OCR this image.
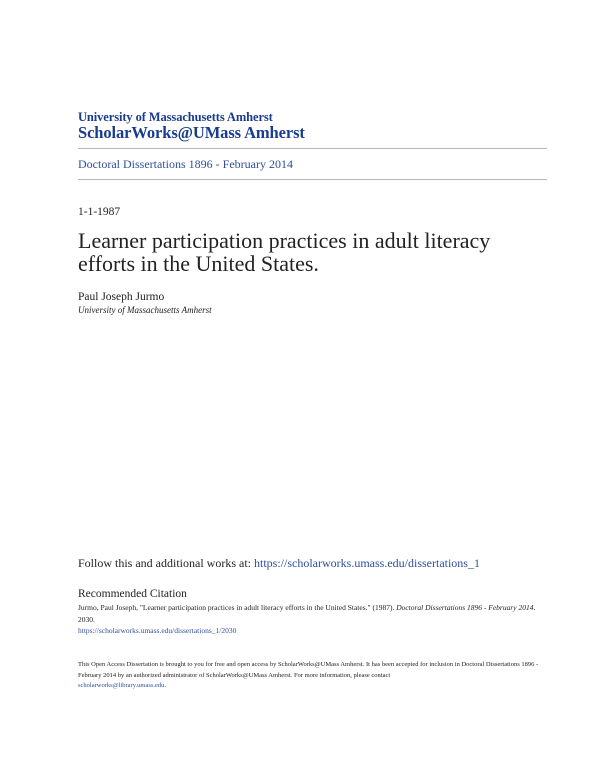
University of Massachusetts Amherst
ScholarWorks@UMass Amherst
Doctoral Dissertations 1896 - February 2014
1-1-1987
Learner participation practices in adult literacy efforts in the United States.
Paul Joseph Jurmo
University of Massachusetts Amherst
Follow this and additional works at: https://scholarworks.umass.edu/dissertations_1
Recommended Citation
Jurmo, Paul Joseph, "Learner participation practices in adult literacy efforts in the United States." (1987). Doctoral Dissertations 1896 - February 2014. 2030.
https://scholarworks.umass.edu/dissertations_1/2030
This Open Access Dissertation is brought to you for free and open access by ScholarWorks@UMass Amherst. It has been accepted for inclusion in Doctoral Dissertations 1896 - February 2014 by an authorized administrator of ScholarWorks@UMass Amherst. For more information, please contact
scholarworks@library.umass.edu.
